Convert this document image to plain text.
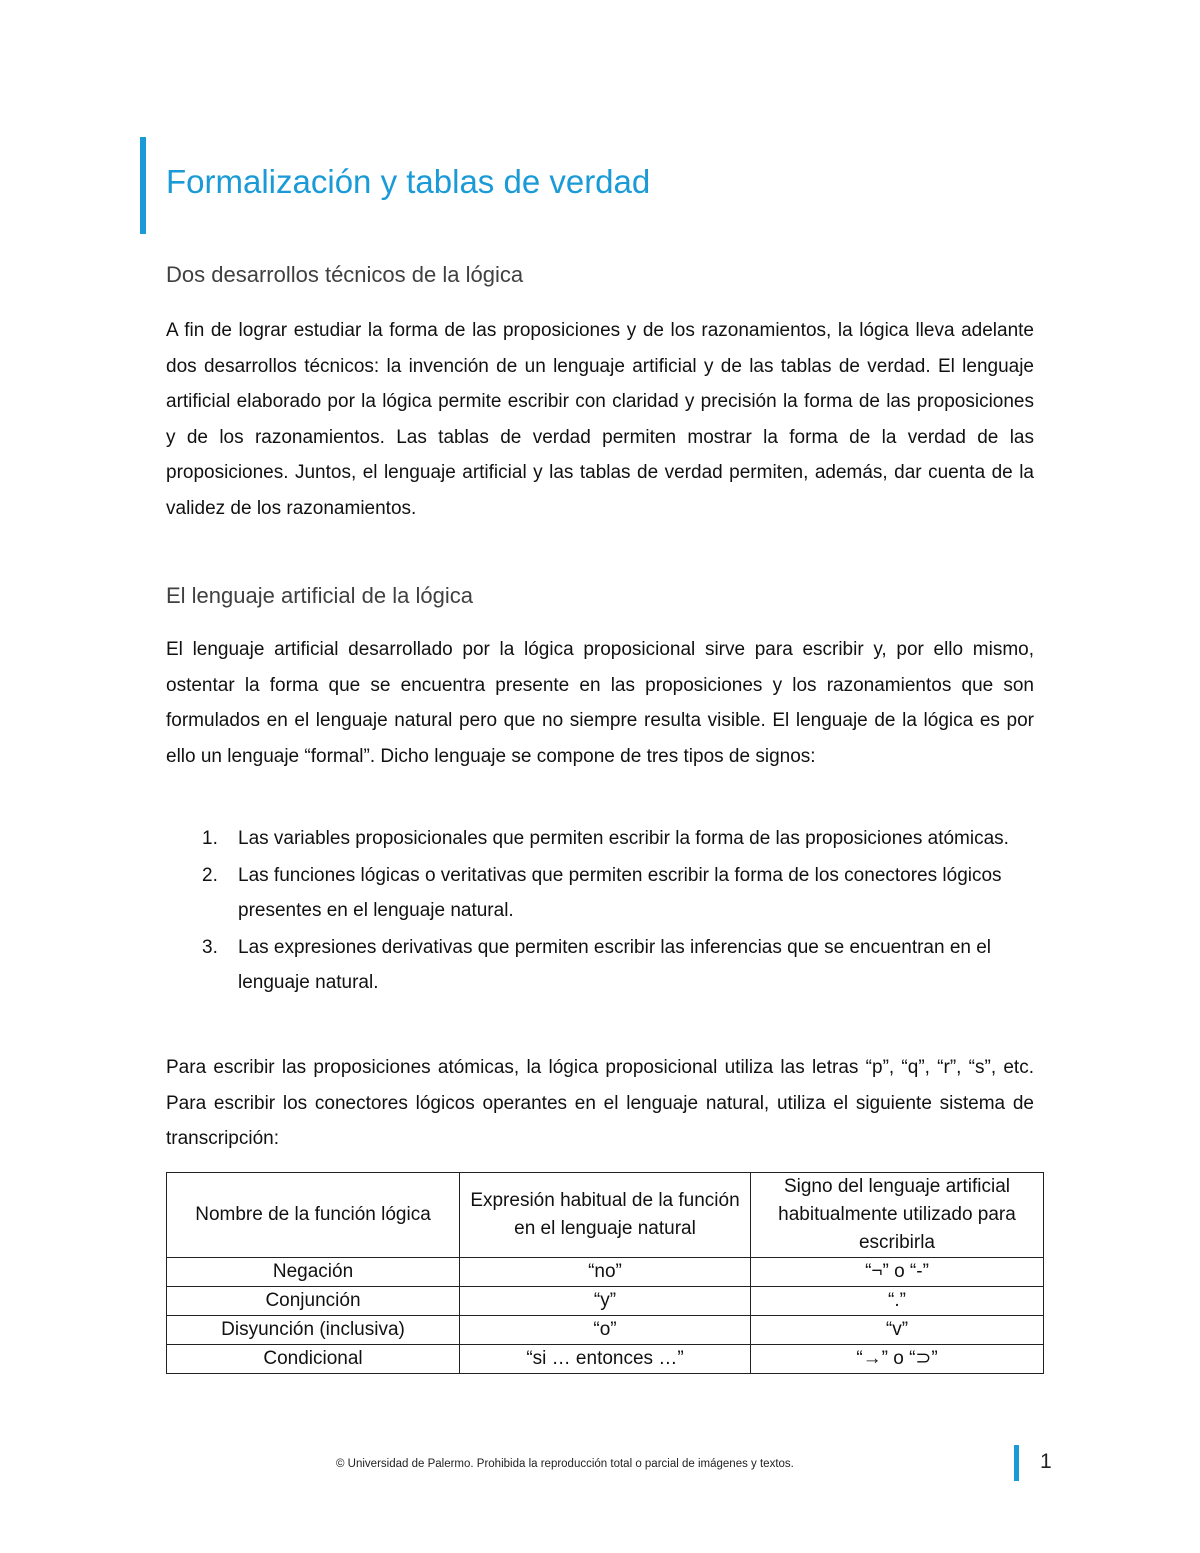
Formalización y tablas de verdad
Dos desarrollos técnicos de la lógica

A fin de lograr estudiar la forma de las proposiciones y de los razonamientos, la lógica lleva adelante dos desarrollos técnicos: la invención de un lenguaje artificial y de las tablas de verdad. El lenguaje artificial elaborado por la lógica permite escribir con claridad y precisión la forma de las proposiciones y de los razonamientos. Las tablas de verdad permiten mostrar la forma de la verdad de las proposiciones. Juntos, el lenguaje artificial y las tablas de verdad permiten, además, dar cuenta de la validez de los razonamientos.

El lenguaje artificial de la lógica

El lenguaje artificial desarrollado por la lógica proposicional sirve para escribir y, por ello mismo, ostentar la forma que se encuentra presente en las proposiciones y los razonamientos que son formulados en el lenguaje natural pero que no siempre resulta visible. El lenguaje de la lógica es por ello un lenguaje “formal”. Dicho lenguaje se compone de tres tipos de signos:

1. Las variables proposicionales que permiten escribir la forma de las proposiciones atómicas.
2. Las funciones lógicas o veritativas que permiten escribir la forma de los conectores lógicos presentes en el lenguaje natural.
3. Las expresiones derivativas que permiten escribir las inferencias que se encuentran en el lenguaje natural.

Para escribir las proposiciones atómicas, la lógica proposicional utiliza las letras “p”, “q”, “r”, “s”, etc. Para escribir los conectores lógicos operantes en el lenguaje natural, utiliza el siguiente sistema de transcripción:

Nombre de la función lógica	Expresión habitual de la función en el lenguaje natural	Signo del lenguaje artificial habitualmente utilizado para escribirla
Negación	“no”	“¬” o “-”
Conjunción	“y”	“.”
Disyunción (inclusiva)	“o”	“v”
Condicional	“si … entonces …”	“→” o “⊃”
© Universidad de Palermo. Prohibida la reproducción total o parcial de imágenes y textos.	1
